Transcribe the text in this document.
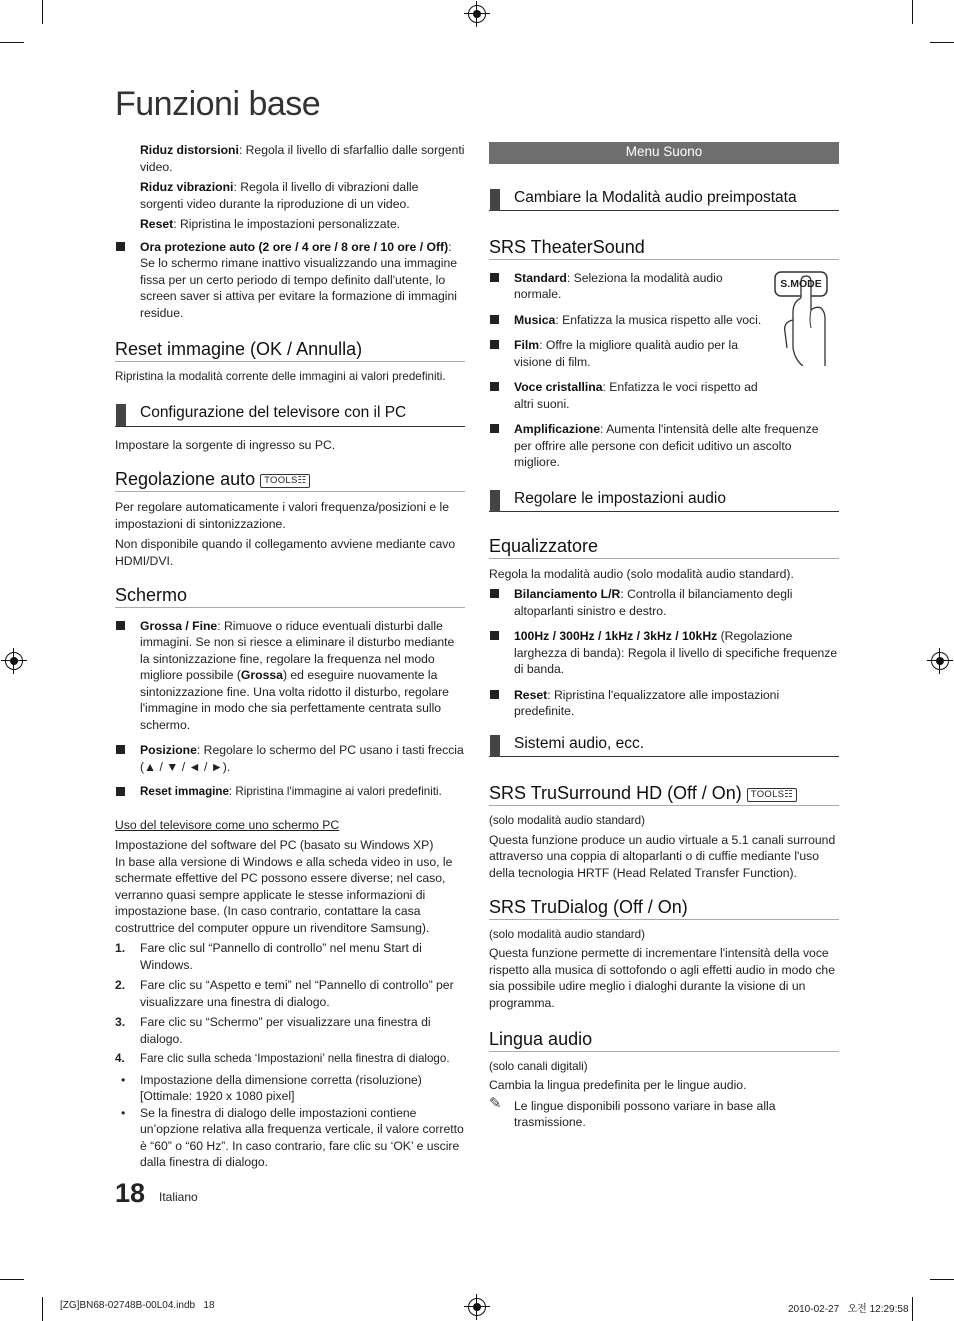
Funzioni base

Riduz distorsioni: Regola il livello di sfarfallio dalle sorgenti video.

Riduz vibrazioni: Regola il livello di vibrazioni dalle sorgenti video durante la riproduzione di un video.

Reset: Ripristina le impostazioni personalizzate.

Ora protezione auto (2 ore / 4 ore / 8 ore / 10 ore / Off): Se lo schermo rimane inattivo visualizzando una immagine fissa per un certo periodo di tempo definito dall'utente, lo screen saver si attiva per evitare la formazione di immagini residue.

Reset immagine (OK / Annulla)

Ripristina la modalità corrente delle immagini ai valori predefiniti.

Configurazione del televisore con il PC

Impostare la sorgente di ingresso su PC.

Regolazione auto TOOLS☷

Per regolare automaticamente i valori frequenza/posizioni e le impostazioni di sintonizzazione.

Non disponibile quando il collegamento avviene mediante cavo HDMI/DVI.

Schermo

Grossa / Fine: Rimuove o riduce eventuali disturbi dalle immagini. Se non si riesce a eliminare il disturbo mediante la sintonizzazione fine, regolare la frequenza nel modo migliore possibile (Grossa) ed eseguire nuovamente la sintonizzazione fine. Una volta ridotto il disturbo, regolare l'immagine in modo che sia perfettamente centrata sullo schermo.

Posizione: Regolare lo schermo del PC usano i tasti freccia (▲ / ▼ / ◄ / ►).

Reset immagine: Ripristina l'immagine ai valori predefiniti.

Uso del televisore come uno schermo PC

Impostazione del software del PC (basato su Windows XP)

In base alla versione di Windows e alla scheda video in uso, le schermate effettive del PC possono essere diverse; nel caso, verranno quasi sempre applicate le stesse informazioni di impostazione base. (In caso contrario, contattare la casa costruttrice del computer oppure un rivenditore Samsung).

1. Fare clic sul “Pannello di controllo” nel menu Start di Windows.

2. Fare clic su “Aspetto e temi” nel “Pannello di controllo” per visualizzare una finestra di dialogo.

3. Fare clic su “Schermo” per visualizzare una finestra di dialogo.

4. Fare clic sulla scheda ‘Impostazioni’ nella finestra di dialogo.

• Impostazione della dimensione corretta (risoluzione) [Ottimale: 1920 x 1080 pixel]

• Se la finestra di dialogo delle impostazioni contiene un’opzione relativa alla frequenza verticale, il valore corretto è “60” o “60 Hz”. In caso contrario, fare clic su ‘OK’ e uscire dalla finestra di dialogo.

Menu Suono
Cambiare la Modalità audio preimpostata
SRS TheaterSound
S.MODE

Standard: Seleziona la modalità audio normale.

Musica: Enfatizza la musica rispetto alle voci.

Film: Offre la migliore qualità audio per la visione di film.

Voce cristallina: Enfatizza le voci rispetto ad altri suoni.

Amplificazione: Aumenta l'intensità delle alte frequenze per offrire alle persone con deficit uditivo un ascolto migliore.

Regolare le impostazioni audio
Equalizzatore

Regola la modalità audio (solo modalità audio standard).

Bilanciamento L/R: Controlla il bilanciamento degli altoparlanti sinistro e destro.

100Hz / 300Hz / 1kHz / 3kHz / 10kHz (Regolazione larghezza di banda): Regola il livello di specifiche frequenze di banda.

Reset: Ripristina l'equalizzatore alle impostazioni predefinite.

Sistemi audio, ecc.
SRS TruSurround HD (Off / On) TOOLS☷

(solo modalità audio standard)

Questa funzione produce un audio virtuale a 5.1 canali surround attraverso una coppia di altoparlanti o di cuffie mediante l'uso della tecnologia HRTF (Head Related Transfer Function).

SRS TruDialog (Off / On)

(solo modalità audio standard)

Questa funzione permette di incrementare l'intensità della voce rispetto alla musica di sottofondo o agli effetti audio in modo che sia possibile udire meglio i dialoghi durante la visione di un programma.

Lingua audio

(solo canali digitali)

Cambia la lingua predefinita per le lingue audio.

✎ Le lingue disponibili possono variare in base alla trasmissione.

18 Italiano
[ZG]BN68-02748B-00L04.indb   18	2010-02-27   오전 12:29:58
